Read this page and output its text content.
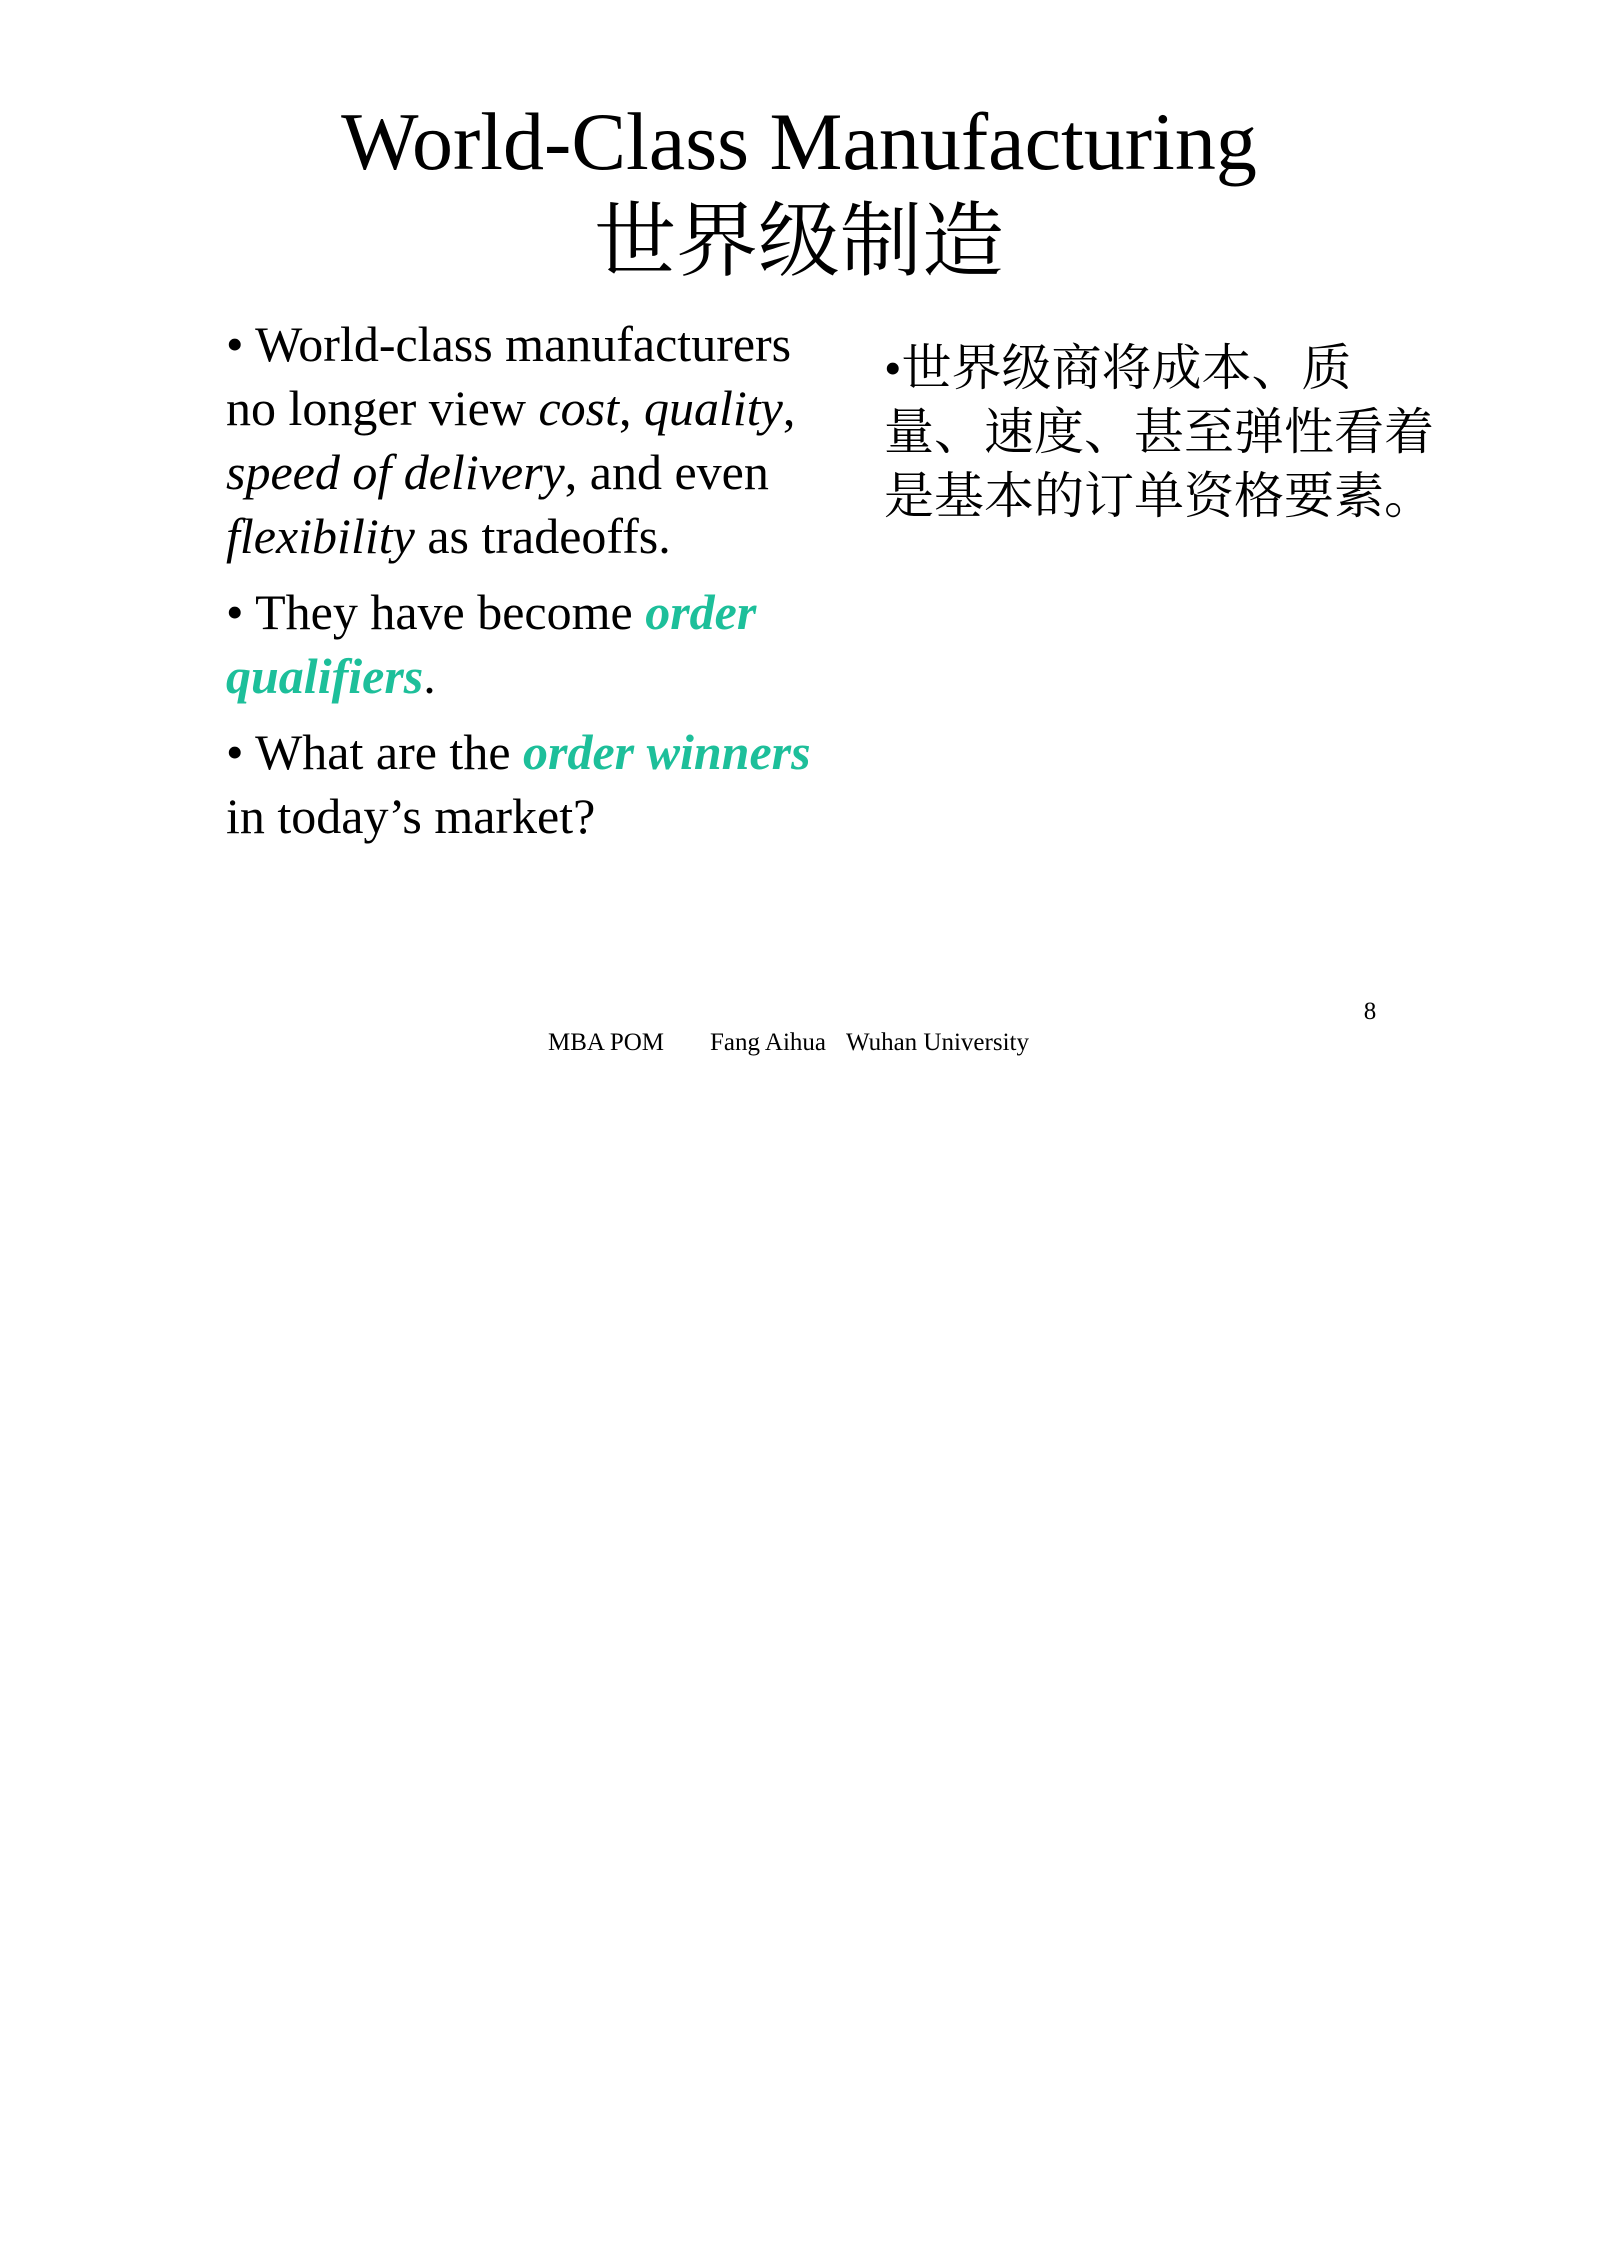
World-Class Manufacturing
世界级制造
• World-class manufacturers no longer view cost, quality, speed of delivery, and even flexibility as tradeoffs.
• They have become order qualifiers.
• What are the order winners in today’s market?
•世界级商将成本、质量、速度、甚至弹性看着是基本的订单资格要素。
8
MBA POM Fang Aihua Wuhan University
